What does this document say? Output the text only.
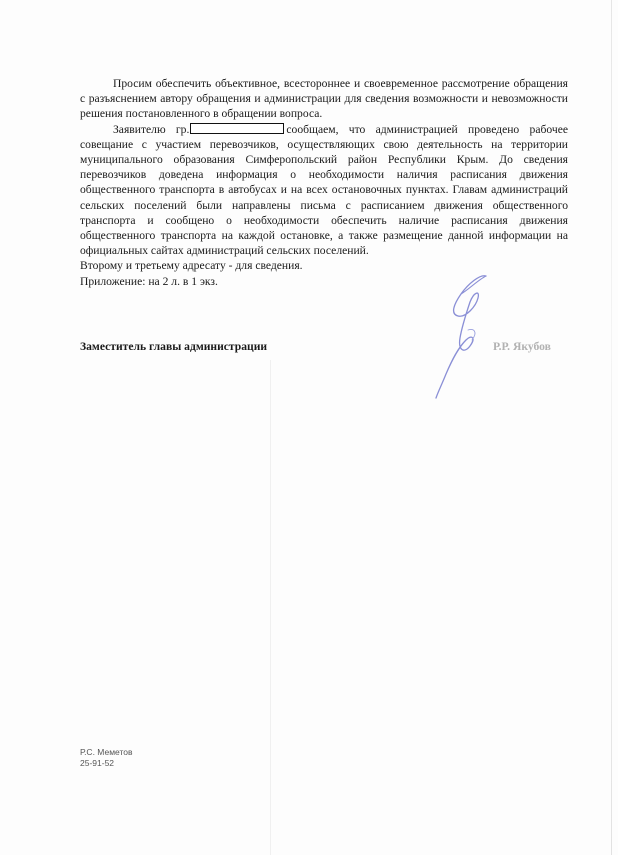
Просим обеспечить объективное, всестороннее и своевременное рассмотрение обращения с разъяснением автору обращения и администрации для сведения возможности и невозможности решения постановленного в обращении вопроса.

Заявителю гр.	сообщаем, что администрацией проведено рабочее совещание с участием перевозчиков, осуществляющих свою деятельность на территории муниципального образования Симферопольский район Республики Крым. До сведения перевозчиков доведена информация о необходимости наличия расписания движения общественного транспорта в автобусах и на всех остановочных пунктах. Главам администраций сельских поселений были направлены письма с расписанием движения общественного транспорта и сообщено о необходимости обеспечить наличие расписания движения общественного транспорта на каждой остановке, а также размещение данной информации на официальных сайтах администраций сельских поселений.

Второму и третьему адресату - для сведения.

Приложение: на 2 л. в 1 экз.

Заместитель главы администрации	Р.Р. Якубов
Р.С. Меметов
25-91-52
